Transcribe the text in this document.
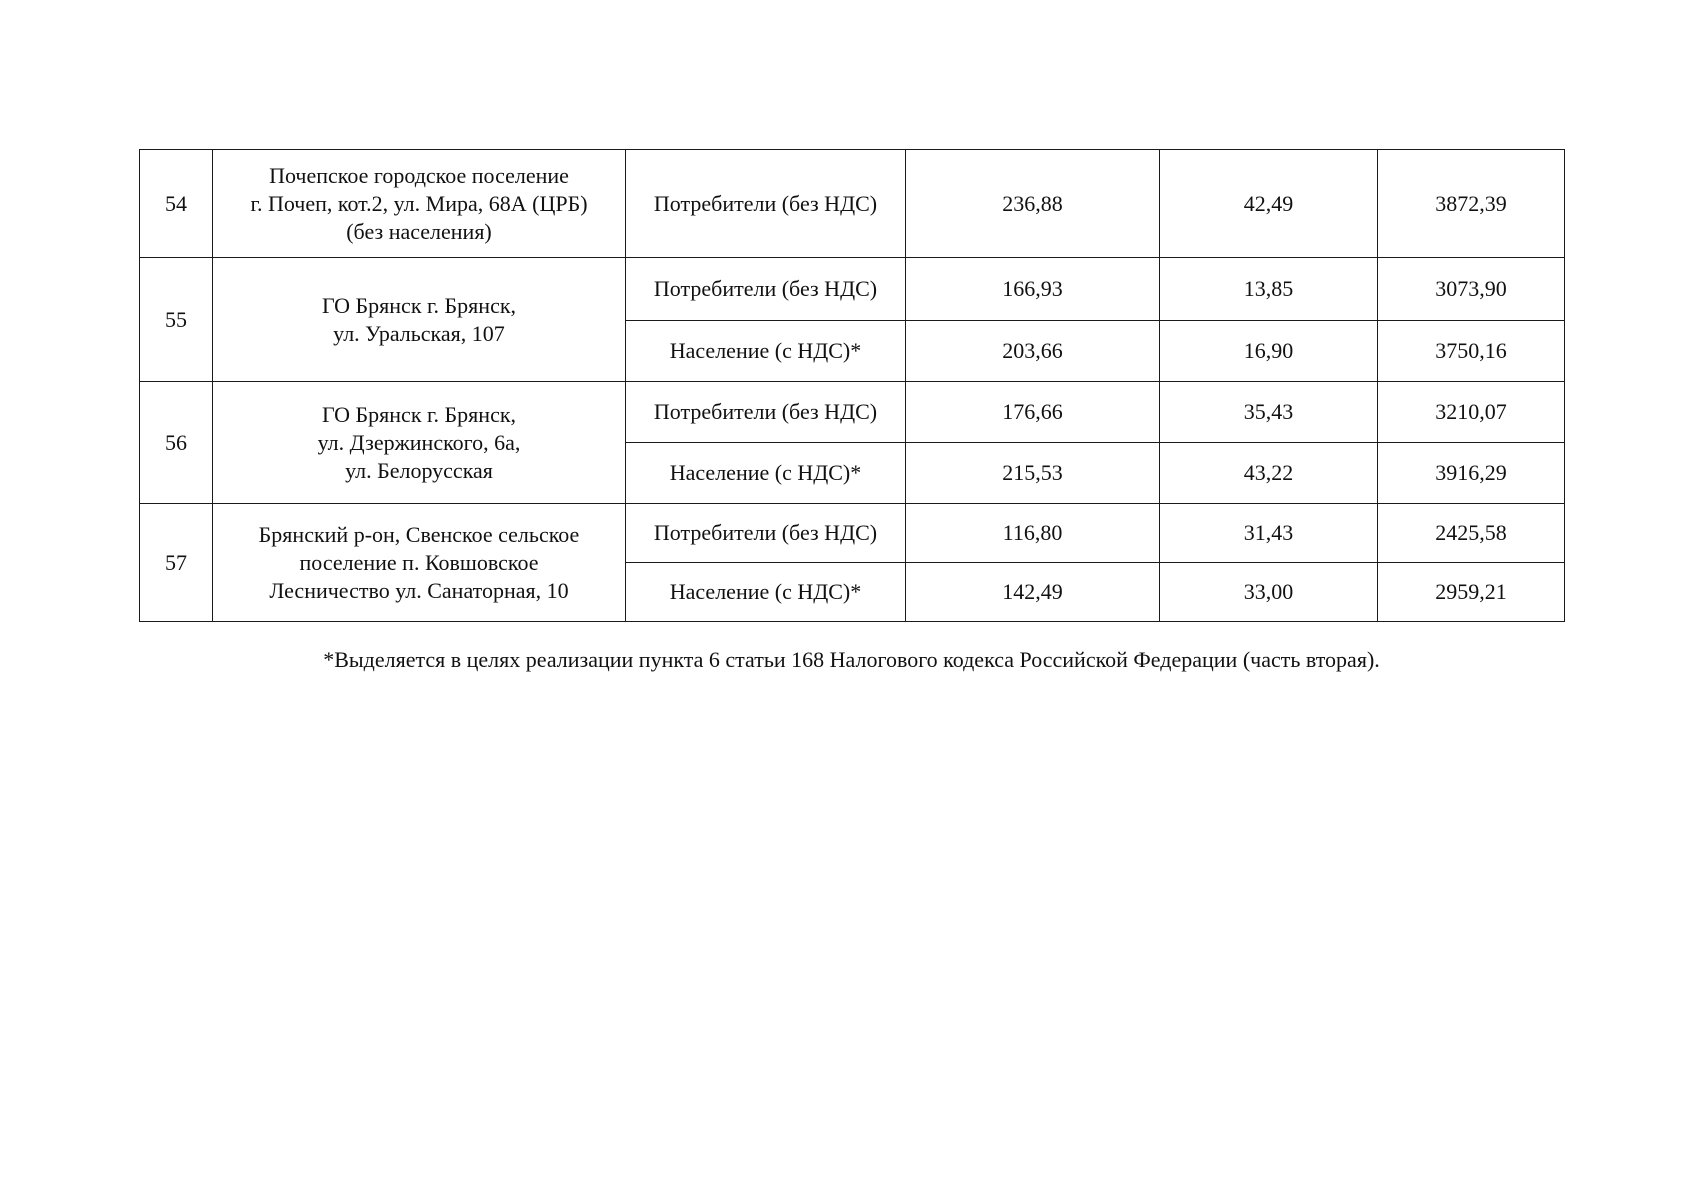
54	Почепское городское поселение
г. Почеп, кот.2, ул. Мира, 68А (ЦРБ)
(без населения)	Потребители (без НДС)	236,88	42,49	3872,39
55	ГО Брянск г. Брянск,
ул. Уральская, 107	Потребители (без НДС)	166,93	13,85	3073,90
		Население (с НДС)*	203,66	16,90	3750,16
56	ГО Брянск г. Брянск,
ул. Дзержинского, 6а,
ул. Белорусская	Потребители (без НДС)	176,66	35,43	3210,07
		Население (с НДС)*	215,53	43,22	3916,29
57	Брянский р-он, Свенское сельское
поселение п. Ковшовское
Лесничество ул. Санаторная, 10	Потребители (без НДС)	116,80	31,43	2425,58
		Население (с НДС)*	142,49	33,00	2959,21
*Выделяется в целях реализации пункта 6 статьи 168 Налогового кодекса Российской Федерации (часть вторая).
